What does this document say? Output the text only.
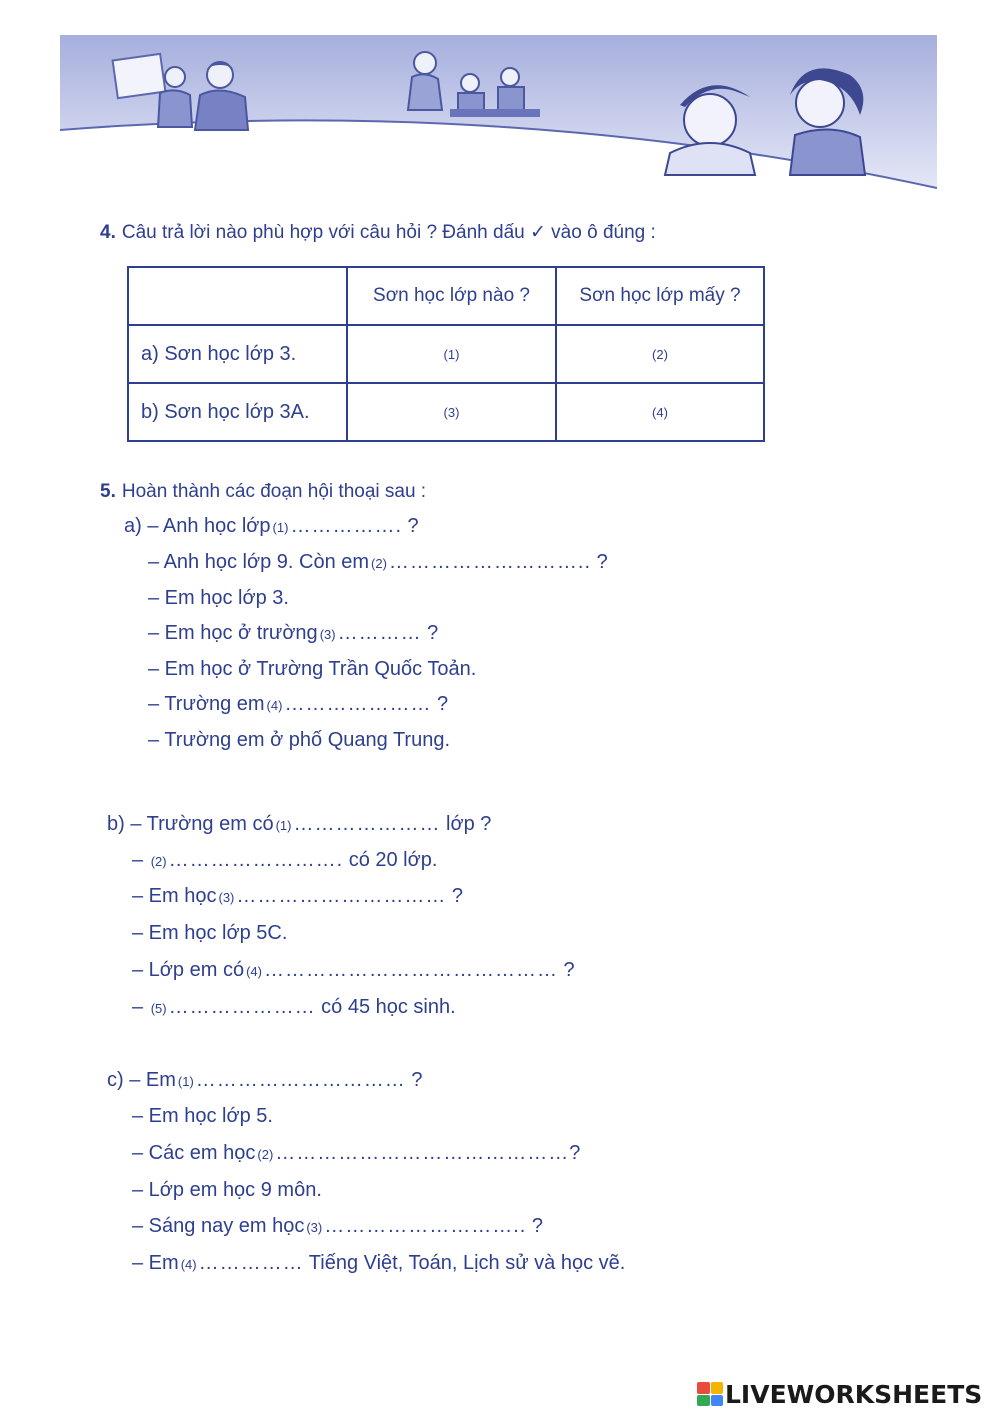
4. Câu trả lời nào phù hợp với câu hỏi ? Đánh dấu ✓ vào ô đúng :
	Sơn học lớp nào ?	Sơn học lớp mấy ?
a) Sơn học lớp 3.	(1)	(2)
b) Sơn học lớp 3A.	(3)	(4)
5. Hoàn thành các đoạn hội thoại sau :
a) – Anh học lớp (1) ……………. ?
– Anh học lớp 9. Còn em (2) ……………………….. ?
– Em học lớp 3.
– Em học ở trường (3) ………… ?
– Em học ở Trường Trần Quốc Toản.
– Trường em (4) ………………… ?
– Trường em ở phố Quang Trung.
b) – Trường em có (1) ………………… lớp ?
– (2) ……………………. có 20 lớp.
– Em học (3) ………………………… ?
– Em học lớp 5C.
– Lớp em có (4) …………………………………… ?
– (5) ………………… có 45 học sinh.
c) – Em (1) ………………………… ?
– Em học lớp 5.
– Các em học (2) ……………………………………?
– Lớp em học 9 môn.
– Sáng nay em học (3) ……………………….. ?
– Em (4) …………… Tiếng Việt, Toán, Lịch sử và học vẽ.
LIVEWORKSHEETS
